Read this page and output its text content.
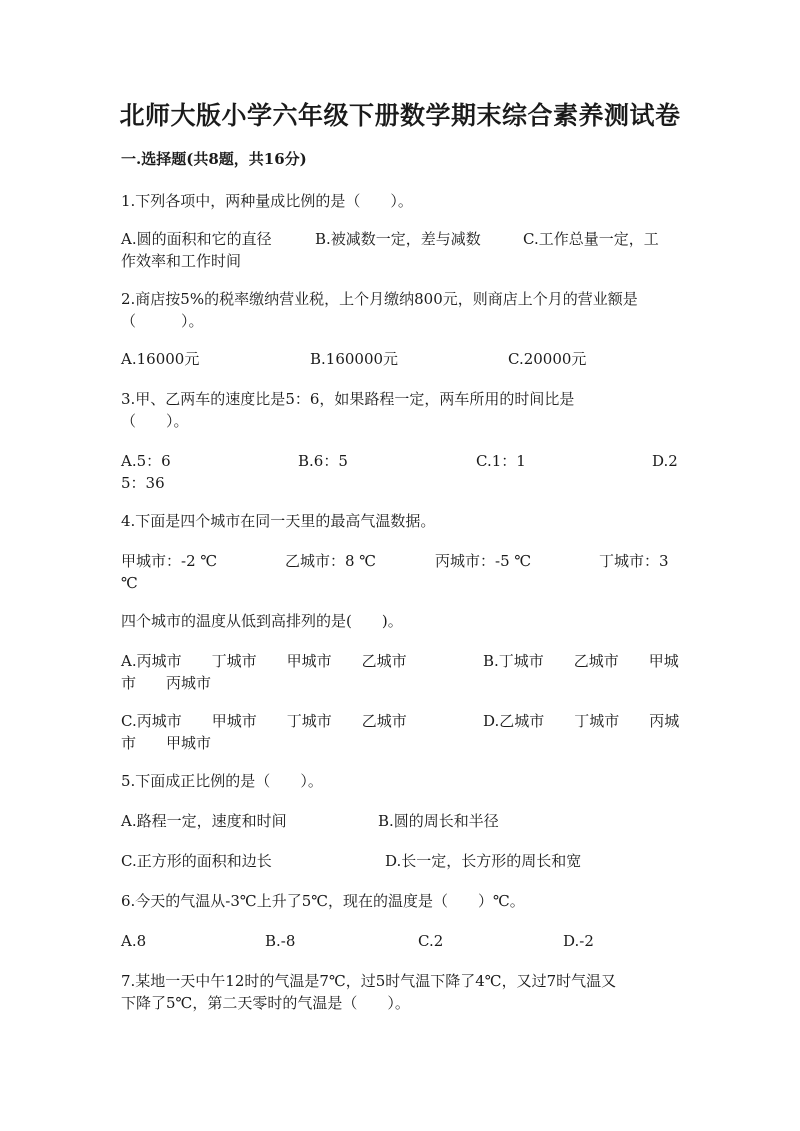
北师大版小学六年级下册数学期末综合素养测试卷
一.选择题(共8题，共16分)
1.下列各项中，两种量成比例的是（　　）。
A.圆的面积和它的直径	B.被减数一定，差与减数	C.工作总量一定，工
作效率和工作时间
2.商店按5%的税率缴纳营业税，上个月缴纳800元，则商店上个月的营业额是
（　　　）。
A.16000元	B.160000元	C.20000元
3.甲、乙两车的速度比是5：6，如果路程一定，两车所用的时间比是
（　　）。
A.5：6	B.6：5	C.1：1	D.2
5：36
4.下面是四个城市在同一天里的最高气温数据。
甲城市：-2 ℃	乙城市：8 ℃	丙城市：-5 ℃	丁城市：3
℃
四个城市的温度从低到高排列的是(　　)。
A.丙城市　　丁城市　　甲城市　　乙城市	B.丁城市　　乙城市　　甲城
市　　丙城市
C.丙城市　　甲城市　　丁城市　　乙城市	D.乙城市　　丁城市　　丙城
市　　甲城市
5.下面成正比例的是（　　）。
A.路程一定，速度和时间	B.圆的周长和半径
C.正方形的面积和边长	D.长一定，长方形的周长和宽
6.今天的气温从-3℃上升了5℃，现在的温度是（　　）℃。
A.8	B.-8	C.2	D.-2
7.某地一天中午12时的气温是7℃，过5时气温下降了4℃，又过7时气温又
下降了5℃，第二天零时的气温是（　　）。
